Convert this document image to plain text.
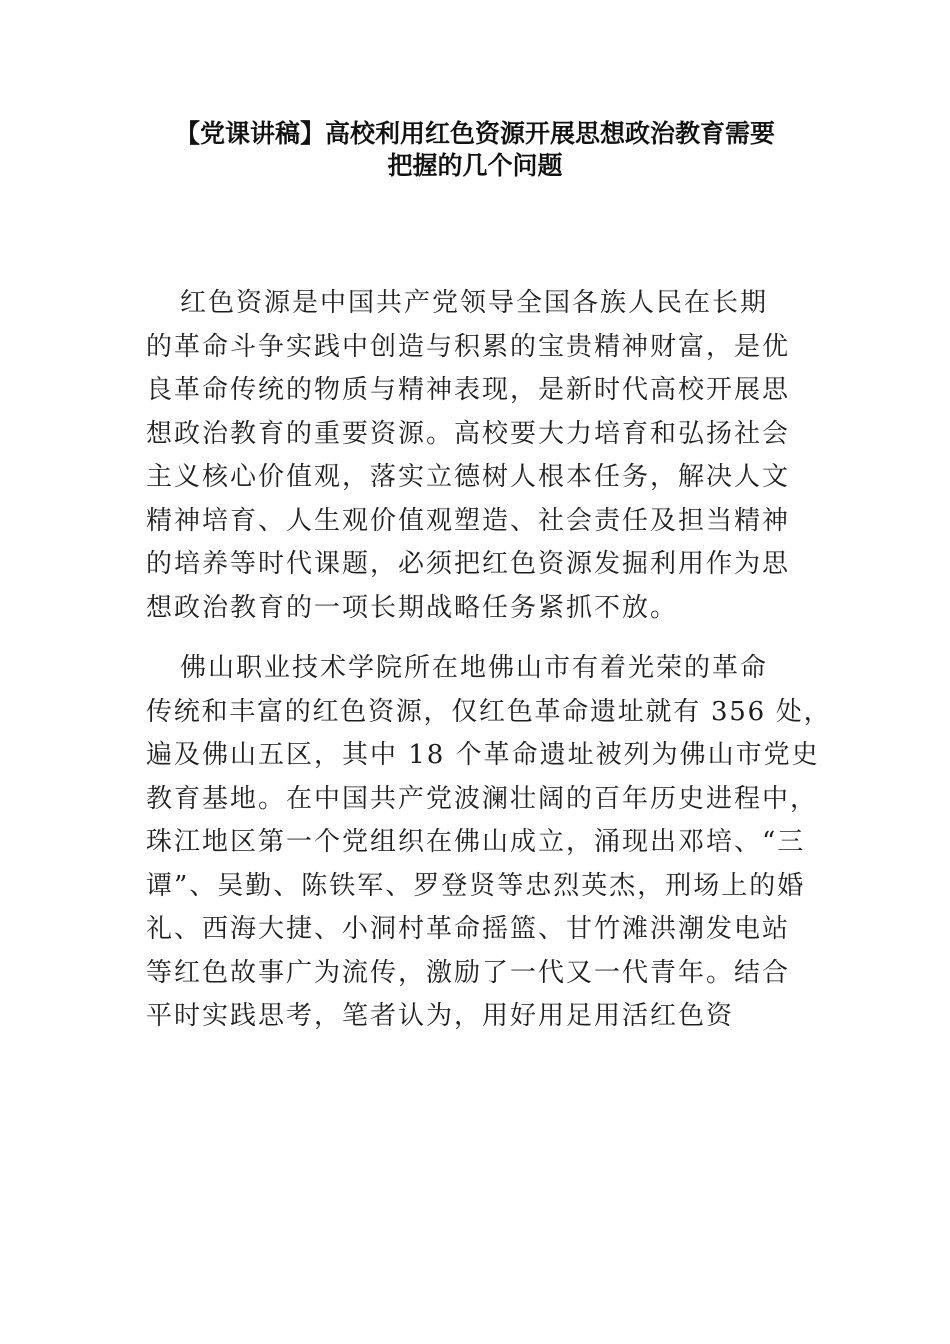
【党课讲稿】高校利用红色资源开展思想政治教育需要
把握的几个问题

红色资源是中国共产党领导全国各族人民在长期
的革命斗争实践中创造与积累的宝贵精神财富，是优
良革命传统的物质与精神表现，是新时代高校开展思
想政治教育的重要资源。高校要大力培育和弘扬社会
主义核心价值观，落实立德树人根本任务，解决人文
精神培育、人生观价值观塑造、社会责任及担当精神
的培养等时代课题，必须把红色资源发掘利用作为思
想政治教育的一项长期战略任务紧抓不放。

佛山职业技术学院所在地佛山市有着光荣的革命
传统和丰富的红色资源，仅红色革命遗址就有 356 处，
遍及佛山五区，其中 18 个革命遗址被列为佛山市党史
教育基地。在中国共产党波澜壮阔的百年历史进程中，
珠江地区第一个党组织在佛山成立，涌现出邓培、“三
谭”、吴勤、陈铁军、罗登贤等忠烈英杰，刑场上的婚
礼、西海大捷、小洞村革命摇篮、甘竹滩洪潮发电站
等红色故事广为流传，激励了一代又一代青年。结合
平时实践思考，笔者认为，用好用足用活红色资
